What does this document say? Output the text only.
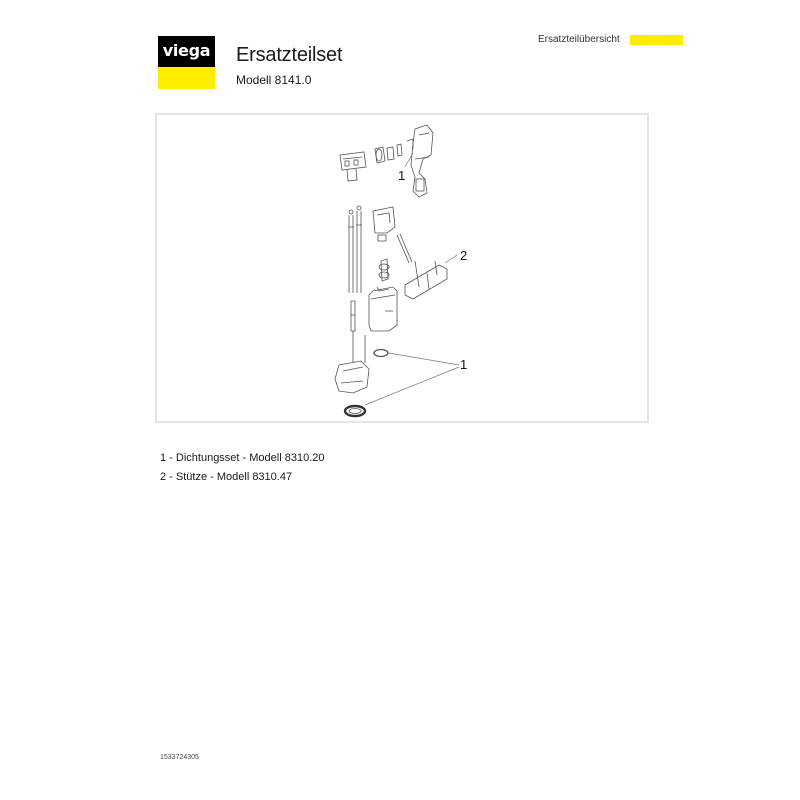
viega Ersatzteilset
Modell 8141.0
Ersatzteilübersicht
1
2
1
1 - Dichtungsset - Modell 8310.20
2 - Stütze - Modell 8310.47
1533724305
